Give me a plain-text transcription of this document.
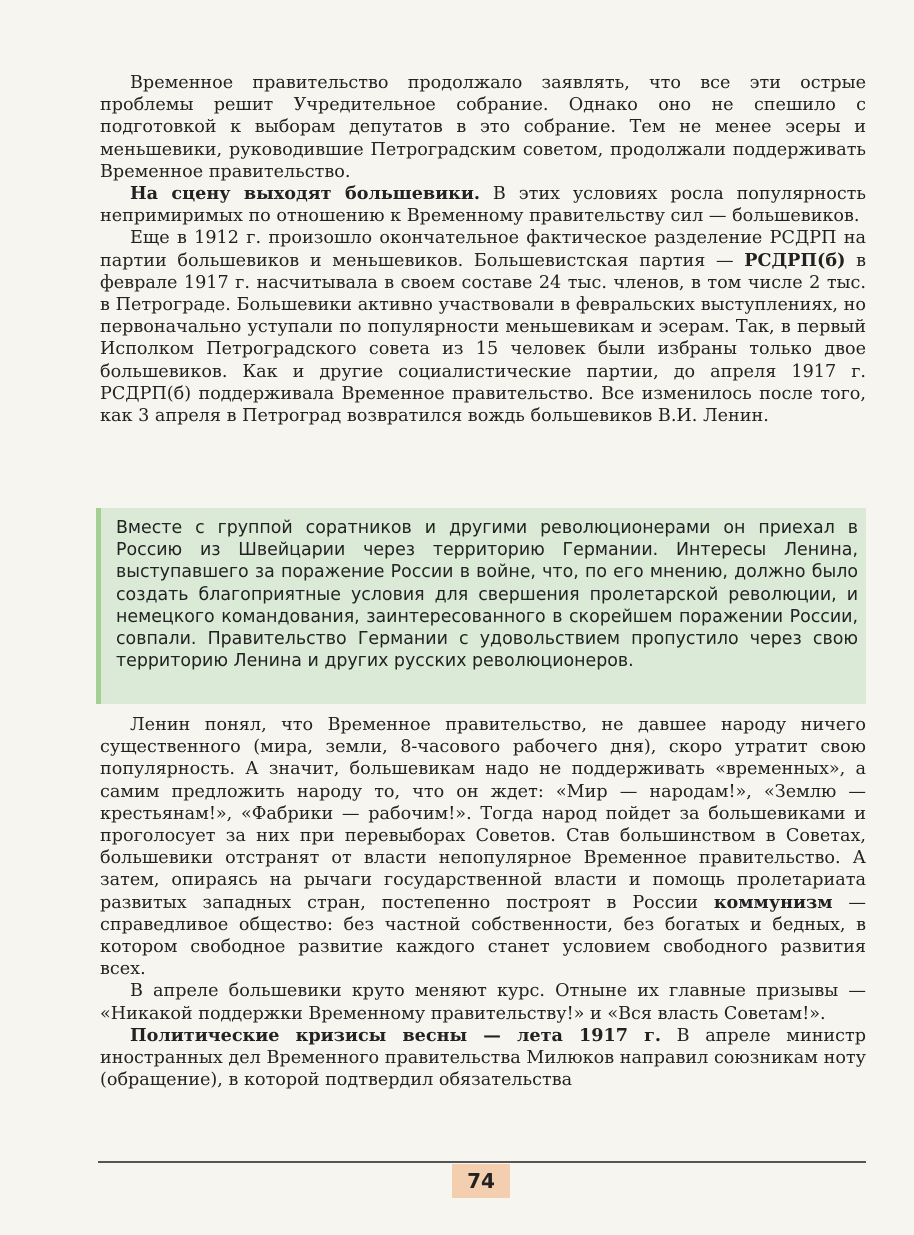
Временное правительство продолжало заявлять, что все эти острые проблемы решит Учредительное собрание. Однако оно не спешило с подготовкой к выборам депутатов в это собрание. Тем не менее эсеры и меньшевики, руководившие Петроградским советом, продолжали поддерживать Временное правительство.

На сцену выходят большевики. В этих условиях росла популярность непримиримых по отношению к Временному правительству сил — большевиков.

Еще в 1912 г. произошло окончательное фактическое разделение РСДРП на партии большевиков и меньшевиков. Большевистская партия — РСДРП(б) в феврале 1917 г. насчитывала в своем составе 24 тыс. членов, в том числе 2 тыс. в Петрограде. Большевики активно участвовали в февральских выступлениях, но первоначально уступали по популярности меньшевикам и эсерам. Так, в первый Исполком Петроградского совета из 15 человек были избраны только двое большевиков. Как и другие социалистические партии, до апреля 1917 г. РСДРП(б) поддерживала Временное правительство. Все изменилось после того, как 3 апреля в Петроград возвратился вождь большевиков В.И. Ленин.

Вместе с группой соратников и другими революционерами он приехал в Россию из Швейцарии через территорию Германии. Интересы Ленина, выступавшего за поражение России в войне, что, по его мнению, должно было создать благоприятные условия для свершения пролетарской революции, и немецкого командования, заинтересованного в скорейшем поражении России, совпали. Правительство Германии с удовольствием пропустило через свою территорию Ленина и других русских революционеров.

Ленин понял, что Временное правительство, не давшее народу ничего существенного (мира, земли, 8-часового рабочего дня), скоро утратит свою популярность. А значит, большевикам надо не поддерживать «временных», а самим предложить народу то, что он ждет: «Мир — народам!», «Землю — крестьянам!», «Фабрики — рабочим!». Тогда народ пойдет за большевиками и проголосует за них при перевыборах Советов. Став большинством в Советах, большевики отстранят от власти непопулярное Временное правительство. А затем, опираясь на рычаги государственной власти и помощь пролетариата развитых западных стран, постепенно построят в России коммунизм — справедливое общество: без частной собственности, без богатых и бедных, в котором свободное развитие каждого станет условием свободного развития всех.

В апреле большевики круто меняют курс. Отныне их главные призывы — «Никакой поддержки Временному правительству!» и «Вся власть Советам!».

Политические кризисы весны — лета 1917 г. В апреле министр иностранных дел Временного правительства Милюков направил союзникам ноту (обращение), в которой подтвердил обязательства

74
